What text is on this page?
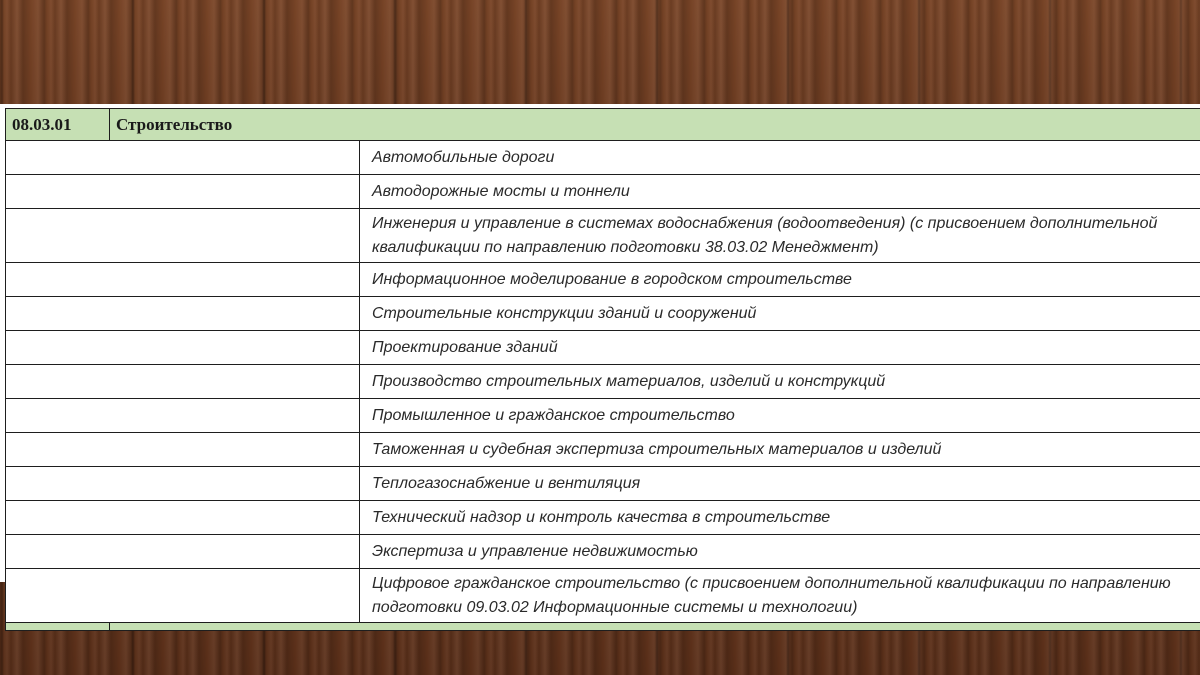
08.03.01	Строительство	
		Автомобильные дороги
		Автодорожные мосты и тоннели
		Инженерия и управление в системах водоснабжения (водоотведения) (с присвоением дополнительной квалификации по направлению подготовки 38.03.02 Менеджмент)
		Информационное моделирование в городском строительстве
		Строительные конструкции зданий и сооружений
		Проектирование зданий
		Производство строительных материалов, изделий и конструкций
		Промышленное и гражданское строительство
		Таможенная и судебная экспертиза строительных материалов и изделий
		Теплогазоснабжение и вентиляция
		Технический надзор и контроль качества в строительстве
		Экспертиза и управление недвижимостью
		Цифровое гражданское строительство (с присвоением дополнительной квалификации по направлению подготовки 09.03.02 Информационные системы и технологии)
